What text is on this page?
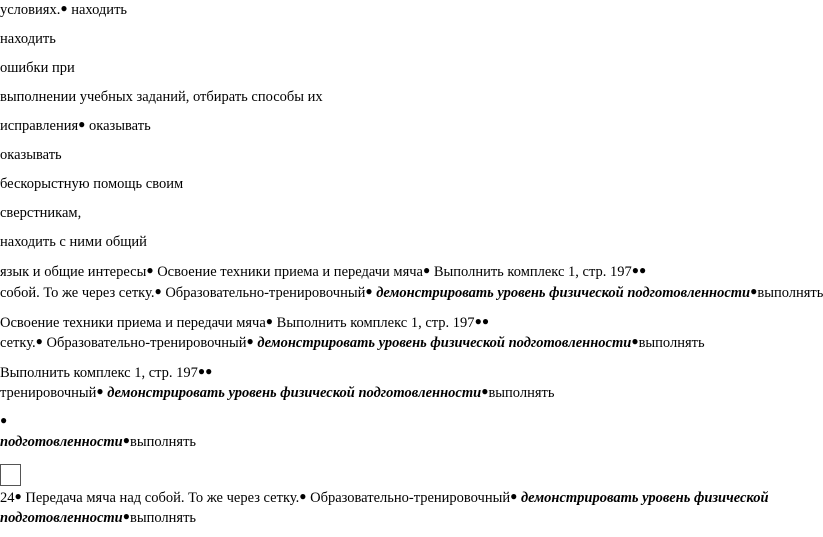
условиях.● находить
находить
ошибки при
выполнении учебных заданий, отбирать способы их
исправления● оказывать
оказывать
бескорыстную помощь своим
сверстникам,
находить с ними общий
язык и общие интересы● Освоение техники приема и передачи мяча● Выполнить комплекс 1, стр. 197●●
собой. То же через сетку.● Образовательно-тренировочный● демонстрировать уровень физической подготовленности●выполнять
Освоение техники приема и передачи мяча● Выполнить комплекс 1, стр. 197●●
сетку.● Образовательно-тренировочный● демонстрировать уровень физической подготовленности●выполнять
Выполнить комплекс 1, стр. 197●●
тренировочный● демонстрировать уровень физической подготовленности●выполнять
●
подготовленности●выполнять
24● Передача мяча над собой. То же через сетку.● Образовательно-тренировочный● демонстрировать уровень физической
подготовленности●выполнять
